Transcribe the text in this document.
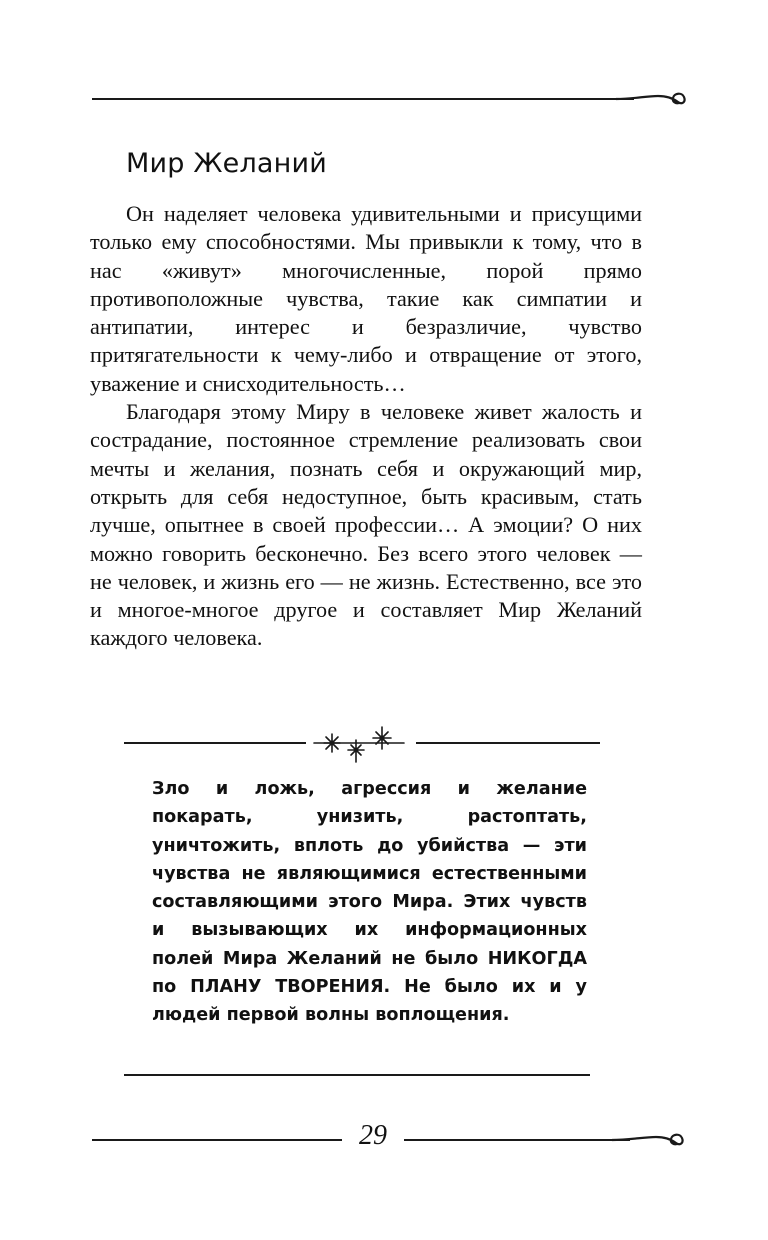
Мир Желаний

Он наделяет человека удивительными и присущими только ему способностями. Мы привыкли к тому, что в нас «живут» многочисленные, порой прямо противоположные чувства, такие как симпатии и антипатии, интерес и безразличие, чувство притягательности к чему-либо и отвращение от этого, уважение и снисходительность…

Благодаря этому Миру в человеке живет жалость и сострадание, постоянное стремление реализовать свои мечты и желания, познать себя и окружающий мир, открыть для себя недоступное, быть красивым, стать лучше, опытнее в своей профессии… А эмоции? О них можно говорить бесконечно. Без всего этого человек — не человек, и жизнь его — не жизнь. Естественно, все это и многое-многое другое и составляет Мир Желаний каждого человека.

Зло и ложь, агрессия и желание покарать, унизить, растоптать, уничтожить, вплоть до убийства — эти чувства не являющимися естественными составляющими этого Мира. Этих чувств и вызывающих их информационных полей Мира Желаний не было НИКОГДА по ПЛАНУ ТВОРЕНИЯ. Не было их и у людей первой волны воплощения.

29
